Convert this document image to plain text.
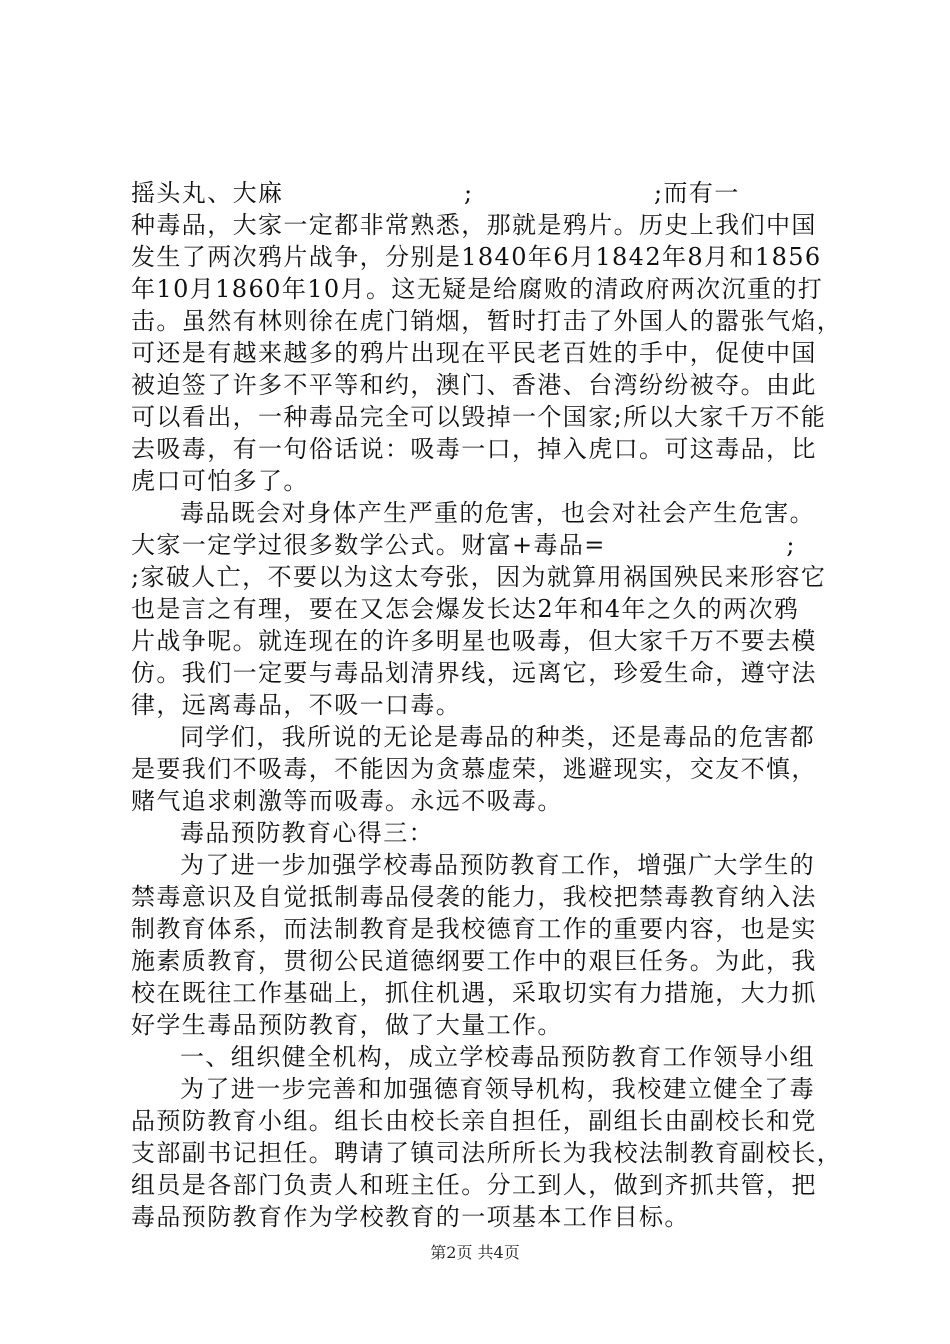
摇头丸、大麻                    ;                    ;而有一
种毒品，大家一定都非常熟悉，那就是鸦片。历史上我们中国
发生了两次鸦片战争，分别是1840年6月1842年8月和1856
年10月1860年10月。这无疑是给腐败的清政府两次沉重的打
击。虽然有林则徐在虎门销烟，暂时打击了外国人的嚣张气焰，
可还是有越来越多的鸦片出现在平民老百姓的手中，促使中国
被迫签了许多不平等和约，澳门、香港、台湾纷纷被夺。由此
可以看出，一种毒品完全可以毁掉一个国家;所以大家千万不能
去吸毒，有一句俗话说：吸毒一口，掉入虎口。可这毒品，比
虎口可怕多了。
毒品既会对身体产生严重的危害，也会对社会产生危害。
大家一定学过很多数学公式。财富+毒品=                    ;
;家破人亡，不要以为这太夸张，因为就算用祸国殃民来形容它
也是言之有理，要在又怎会爆发长达2年和4年之久的两次鸦
片战争呢。就连现在的许多明星也吸毒，但大家千万不要去模
仿。我们一定要与毒品划清界线，远离它，珍爱生命，遵守法
律，远离毒品，不吸一口毒。
同学们，我所说的无论是毒品的种类，还是毒品的危害都
是要我们不吸毒，不能因为贪慕虚荣，逃避现实，交友不慎，
赌气追求刺激等而吸毒。永远不吸毒。
毒品预防教育心得三：
为了进一步加强学校毒品预防教育工作，增强广大学生的
禁毒意识及自觉抵制毒品侵袭的能力，我校把禁毒教育纳入法
制教育体系，而法制教育是我校德育工作的重要内容，也是实
施素质教育，贯彻公民道德纲要工作中的艰巨任务。为此，我
校在既往工作基础上，抓住机遇，采取切实有力措施，大力抓
好学生毒品预防教育，做了大量工作。
一、组织健全机构，成立学校毒品预防教育工作领导小组
为了进一步完善和加强德育领导机构，我校建立健全了毒
品预防教育小组。组长由校长亲自担任，副组长由副校长和党
支部副书记担任。聘请了镇司法所所长为我校法制教育副校长，
组员是各部门负责人和班主任。分工到人，做到齐抓共管，把
毒品预防教育作为学校教育的一项基本工作目标。
第2页 共4页
